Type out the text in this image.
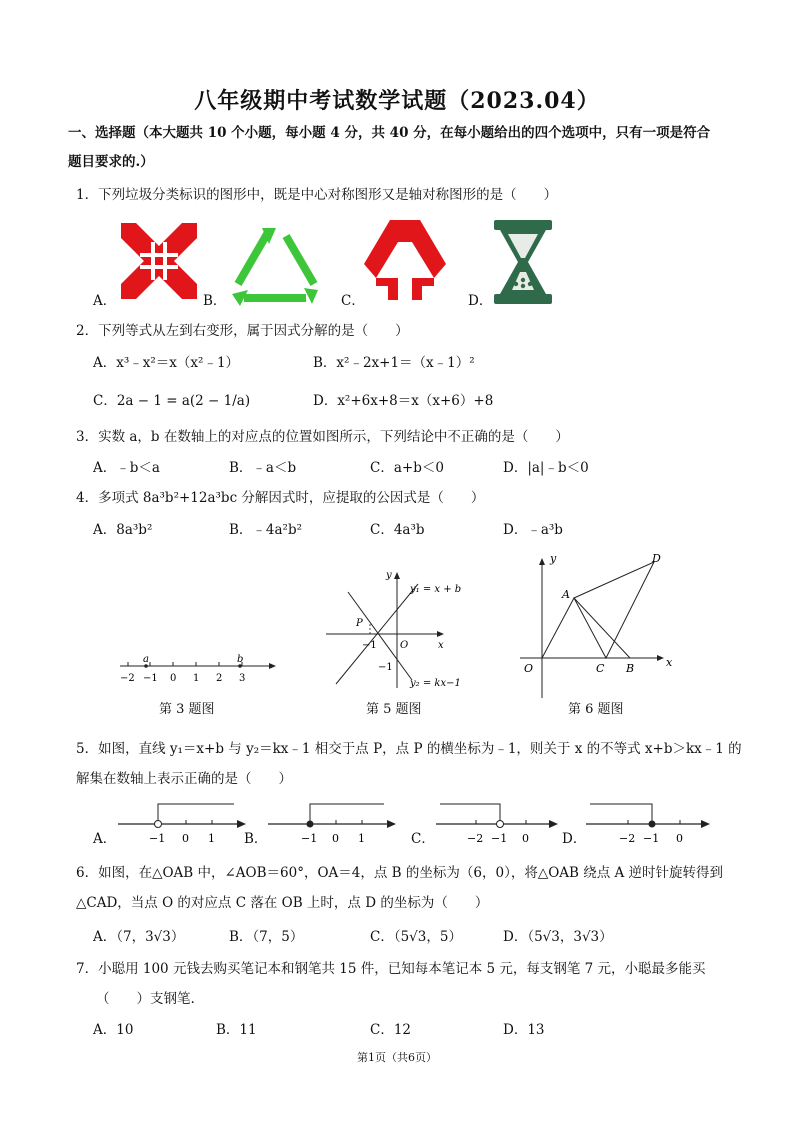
八年级期中考试数学试题（2023.04）
一、选择题（本大题共 10 个小题，每小题 4 分，共 40 分，在每小题给出的四个选项中，只有一项是符合
题目要求的.）
1．下列垃圾分类标识的图形中，既是中心对称图形又是轴对称图形的是（　　）
A．	B．	C．	D．
2．下列等式从左到右变形，属于因式分解的是（　　）
A．x³﹣x²＝x（x²﹣1）	B．x²﹣2x+1＝（x﹣1）²
C．2a − 1 = a(2 − 1/a)	D．x²+6x+8＝x（x+6）+8
3．实数 a，b 在数轴上的对应点的位置如图所示，下列结论中不正确的是（　　）
A．﹣b＜a	B．﹣a＜b	C．a+b＜0	D．|a|﹣b＜0
4．多项式 8a³b²+12a³bc 分解因式时，应提取的公因式是（　　）
A．8a³b²	B．﹣4a²b²	C．4a³b	D．﹣a³b
a	b
−2 −1 0 1 2 3
第 3 题图
x
y
O
P
−1
−1
y₁ = x + b
y₂ = kx−1
第 5 题图
y
x
O
A
C B
D
第 6 题图
5．如图，直线 y₁＝x+b 与 y₂＝kx﹣1 相交于点 P，点 P 的横坐标为﹣1，则关于 x 的不等式 x+b＞kx﹣1 的
解集在数轴上表示正确的是（　　）
A．	−1 0 1 B．	−1 0 1	C．	−2 −1 0 D．	−2 −1 0
6．如图，在△OAB 中，∠AOB＝60°，OA＝4，点 B 的坐标为（6，0），将△OAB 绕点 A 逆时针旋转得到
△CAD，当点 O 的对应点 C 落在 OB 上时，点 D 的坐标为（　　）
A．（7，3√3）	B．（7，5）	C．（5√3，5）	D．（5√3，3√3）
7．小聪用 100 元钱去购买笔记本和钢笔共 15 件，已知每本笔记本 5 元，每支钢笔 7 元，小聪最多能买
（　　）支钢笔.
A．10	B．11	C．12	D．13
第1页（共6页）
